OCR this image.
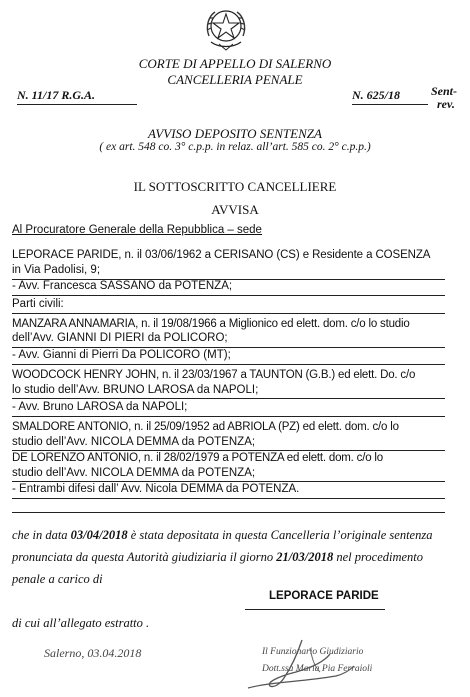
CORTE DI APPELLO DI SALERNO
CANCELLERIA PENALE
N. 11/17 R.G.A.	N. 625/18	Sent-
rev.
AVVISO DEPOSITO SENTENZA
( ex art. 548 co. 3° c.p.p. in relaz. all’art. 585 co. 2° c.p.p.)
IL SOTTOSCRITTO CANCELLIERE
AVVISA
Al Procuratore Generale della Repubblica – sede
LEPORACE PARIDE, n. il 03/06/1962 a CERISANO (CS) e Residente a COSENZA
in Via Padolisi, 9;
- Avv. Francesca SASSANO da POTENZA;
Parti civili:
MANZARA ANNAMARIA, n. il 19/08/1966 a Miglionico ed elett. dom. c/o lo studio
dell’Avv. GIANNI DI PIERI da POLICORO;
- Avv. Gianni di Pierri Da POLICORO (MT);
WOODCOCK HENRY JOHN, n. il 23/03/1967 a TAUNTON (G.B.) ed elett. Do. c/o
lo studio dell’Avv. BRUNO LAROSA da NAPOLI;
- Avv. Bruno LAROSA da NAPOLI;
SMALDORE ANTONIO, n. il 25/09/1952 ad ABRIOLA (PZ) ed elett. dom. c/o lo
studio dell’Avv. NICOLA DEMMA da POTENZA;
DE LORENZO ANTONIO, n. il 28/02/1979 a POTENZA ed elett. dom. c/o lo
studio dell’Avv. NICOLA DEMMA da POTENZA;
- Entrambi difesi dall’ Avv. Nicola DEMMA da POTENZA.
che in data 03/04/2018 è stata depositata in questa Cancelleria l’originale sentenza
pronunciata da questa Autorità giudiziaria il giorno 21/03/2018 nel procedimento
penale a carico di
LEPORACE PARIDE
di cui all’allegato estratto .
Salerno, 03.04.2018	Il Funzionario Giudiziario
Dott.ssa Maria Pia Ferraioli
